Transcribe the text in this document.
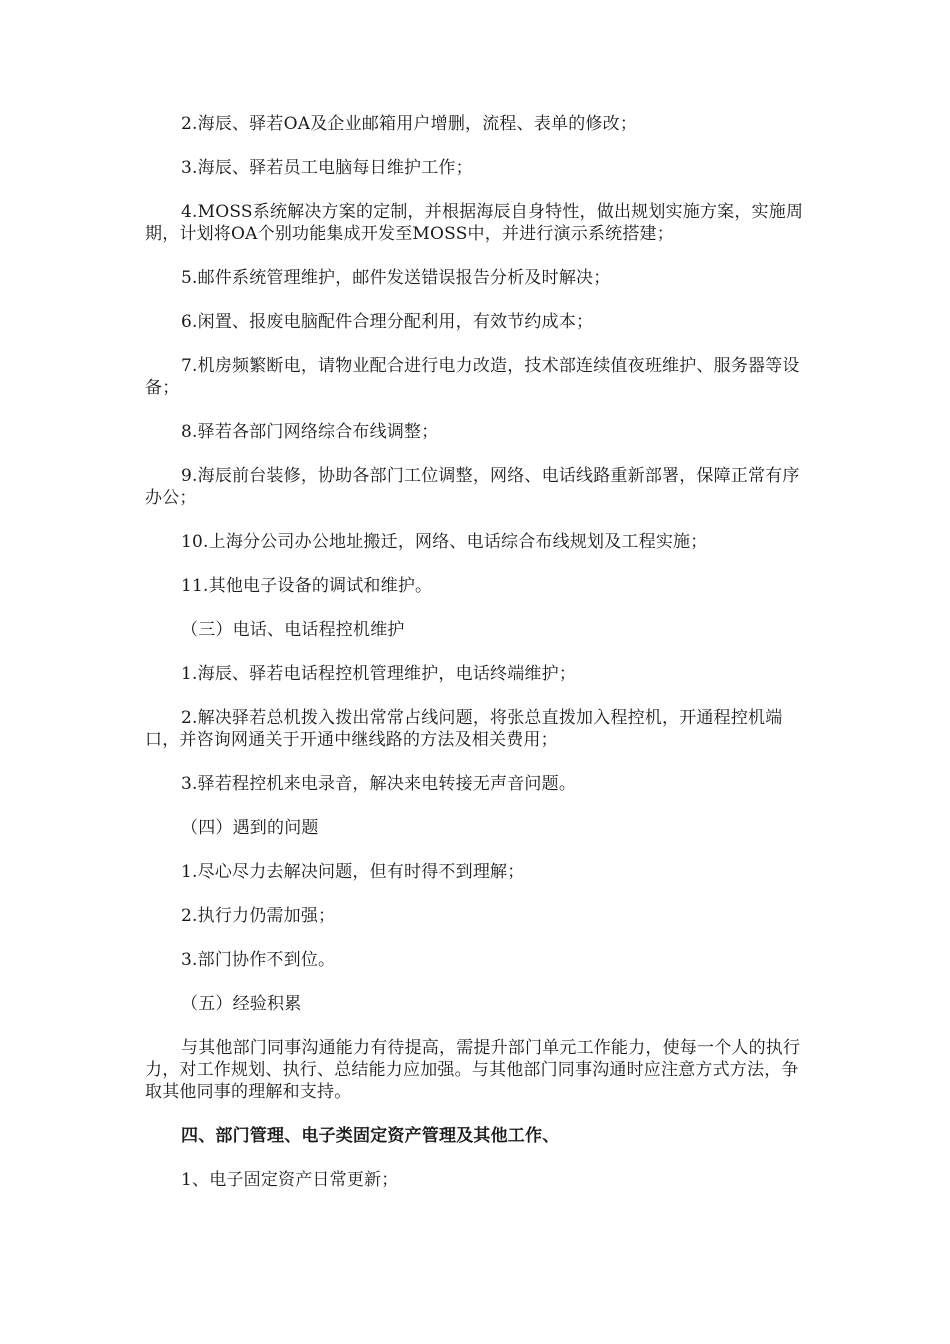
2.海辰、驿若OA及企业邮箱用户增删，流程、表单的修改；

3.海辰、驿若员工电脑每日维护工作；

4.MOSS系统解决方案的定制，并根据海辰自身特性，做出规划实施方案，实施周期，计划将OA个别功能集成开发至MOSS中，并进行演示系统搭建；

5.邮件系统管理维护，邮件发送错误报告分析及时解决；

6.闲置、报废电脑配件合理分配利用，有效节约成本；

7.机房频繁断电，请物业配合进行电力改造，技术部连续值夜班维护、服务器等设备；

8.驿若各部门网络综合布线调整；

9.海辰前台装修，协助各部门工位调整，网络、电话线路重新部署，保障正常有序办公；

10.上海分公司办公地址搬迁，网络、电话综合布线规划及工程实施；

11.其他电子设备的调试和维护。

（三）电话、电话程控机维护

1.海辰、驿若电话程控机管理维护，电话终端维护；

2.解决驿若总机拨入拨出常常占线问题，将张总直拨加入程控机，开通程控机端口，并咨询网通关于开通中继线路的方法及相关费用；

3.驿若程控机来电录音，解决来电转接无声音问题。

（四）遇到的问题

1.尽心尽力去解决问题，但有时得不到理解；

2.执行力仍需加强；

3.部门协作不到位。

（五）经验积累

与其他部门同事沟通能力有待提高，需提升部门单元工作能力，使每一个人的执行力，对工作规划、执行、总结能力应加强。与其他部门同事沟通时应注意方式方法，争取其他同事的理解和支持。

四、部门管理、电子类固定资产管理及其他工作、

1、电子固定资产日常更新；
